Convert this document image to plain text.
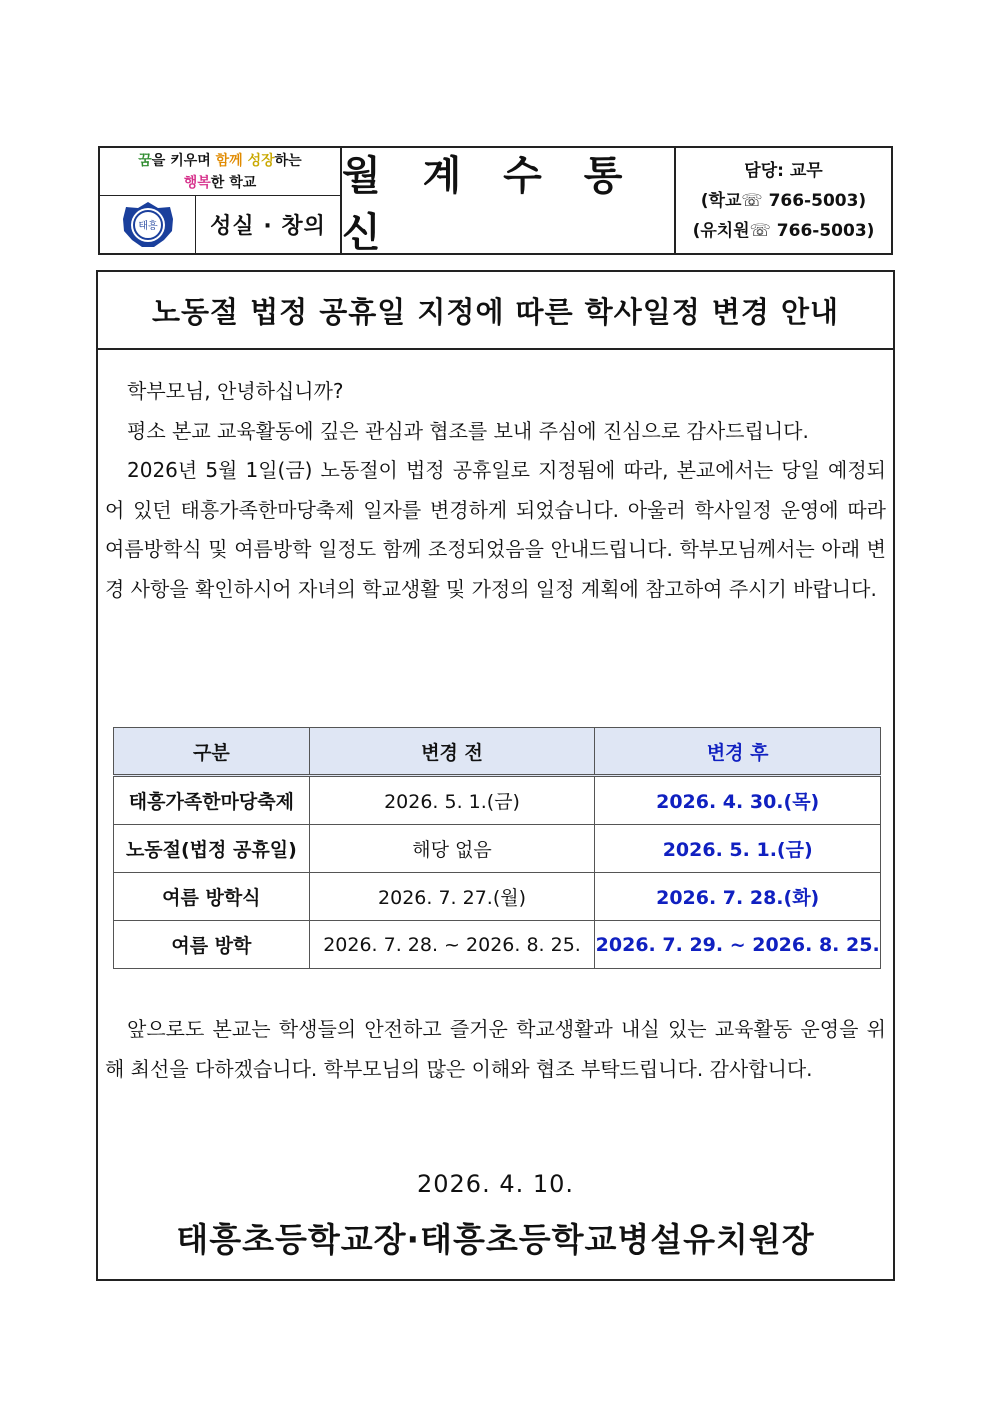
꿈을 키우며 함께 성장하는
행복한 학교
태흥	성실 · 창의
월 계 수 통 신
담당: 교무
(학교☏ 766-5003)
(유치원☏ 766-5003)
노동절 법정 공휴일 지정에 따른 학사일정 변경 안내

학부모님, 안녕하십니까?

평소 본교 교육활동에 깊은 관심과 협조를 보내 주심에 진심으로 감사드립니다.

2026년 5월 1일(금) 노동절이 법정 공휴일로 지정됨에 따라, 본교에서는 당일 예정되어 있던 태흥가족한마당축제 일자를 변경하게 되었습니다. 아울러 학사일정 운영에 따라 여름방학식 및 여름방학 일정도 함께 조정되었음을 안내드립니다. 학부모님께서는 아래 변경 사항을 확인하시어 자녀의 학교생활 및 가정의 일정 계획에 참고하여 주시기 바랍니다.

구분	변경 전	변경 후
태흥가족한마당축제	2026. 5. 1.(금)	2026. 4. 30.(목)
노동절(법정 공휴일)	해당 없음	2026. 5. 1.(금)
여름 방학식	2026. 7. 27.(월)	2026. 7. 28.(화)
여름 방학	2026. 7. 28. ~ 2026. 8. 25.	2026. 7. 29. ~ 2026. 8. 25.

앞으로도 본교는 학생들의 안전하고 즐거운 학교생활과 내실 있는 교육활동 운영을 위해 최선을 다하겠습니다. 학부모님의 많은 이해와 협조 부탁드립니다. 감사합니다.

2026. 4. 10.
태흥초등학교장·태흥초등학교병설유치원장
